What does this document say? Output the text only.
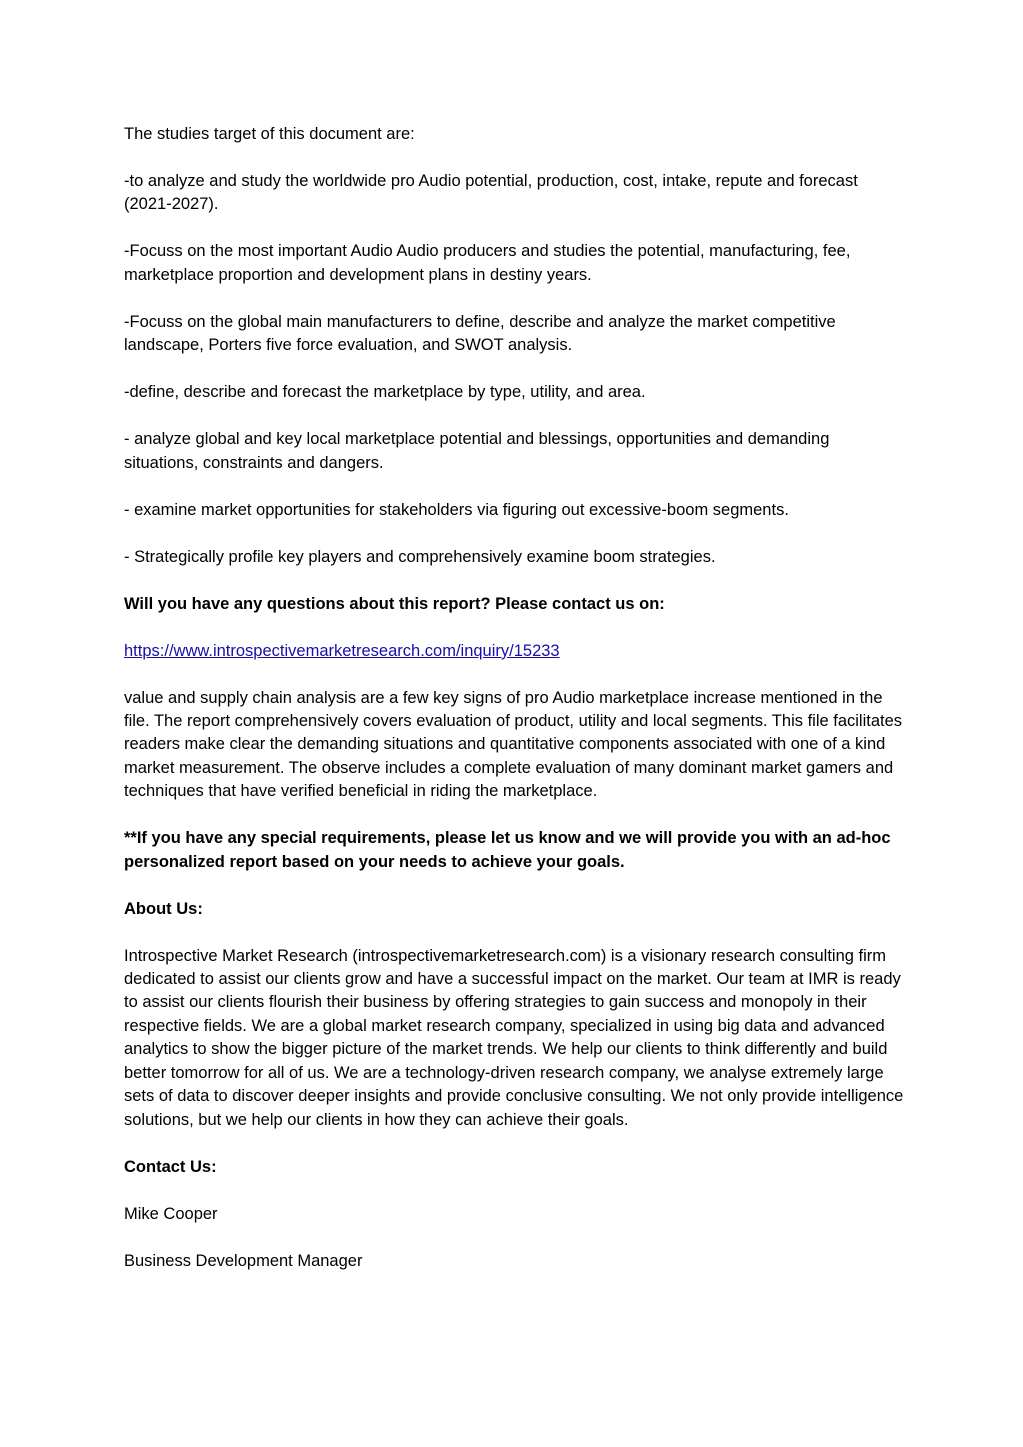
The studies target of this document are:

-to analyze and study the worldwide pro Audio potential, production, cost, intake, repute and forecast (2021-2027).

-Focuss on the most important Audio Audio producers and studies the potential, manufacturing, fee, marketplace proportion and development plans in destiny years.

-Focuss on the global main manufacturers to define, describe and analyze the market competitive landscape, Porters five force evaluation, and SWOT analysis.

-define, describe and forecast the marketplace by type, utility, and area.

- analyze global and key local marketplace potential and blessings, opportunities and demanding situations, constraints and dangers.

- examine market opportunities for stakeholders via figuring out excessive-boom segments.

- Strategically profile key players and comprehensively examine boom strategies.

Will you have any questions about this report? Please contact us on:

https://www.introspectivemarketresearch.com/inquiry/15233

value and supply chain analysis are a few key signs of pro Audio marketplace increase mentioned in the file. The report comprehensively covers evaluation of product, utility and local segments. This file facilitates readers make clear the demanding situations and quantitative components associated with one of a kind market measurement. The observe includes a complete evaluation of many dominant market gamers and techniques that have verified beneficial in riding the marketplace.

**If you have any special requirements, please let us know and we will provide you with an ad-hoc personalized report based on your needs to achieve your goals.

About Us:

Introspective Market Research (introspectivemarketresearch.com) is a visionary research consulting firm dedicated to assist our clients grow and have a successful impact on the market. Our team at IMR is ready to assist our clients flourish their business by offering strategies to gain success and monopoly in their respective fields. We are a global market research company, specialized in using big data and advanced analytics to show the bigger picture of the market trends. We help our clients to think differently and build better tomorrow for all of us. We are a technology-driven research company, we analyse extremely large sets of data to discover deeper insights and provide conclusive consulting. We not only provide intelligence solutions, but we help our clients in how they can achieve their goals.

Contact Us:

Mike Cooper

Business Development Manager
